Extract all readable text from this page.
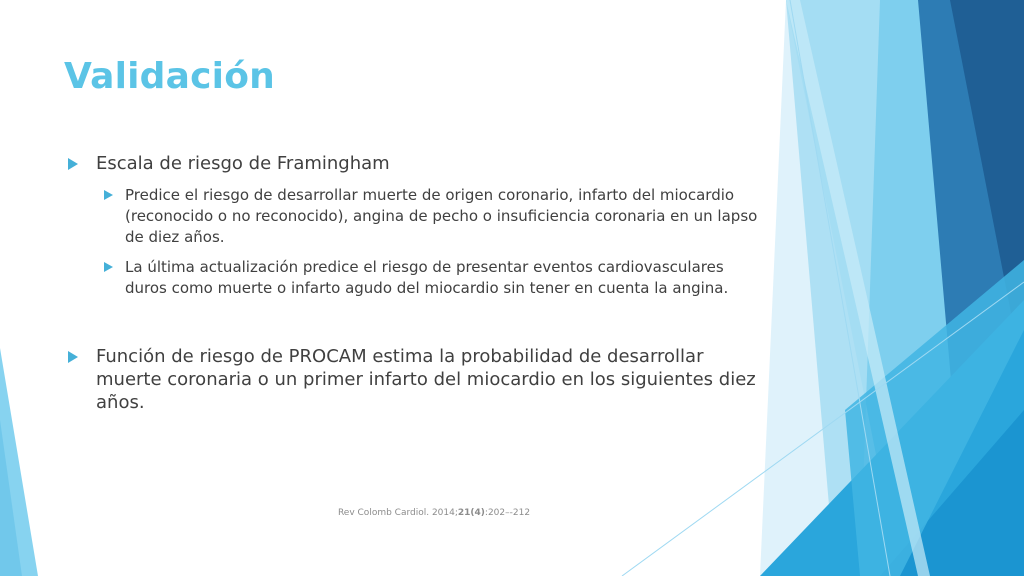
Validación
Escala de riesgo de Framingham
Predice el riesgo de desarrollar muerte de origen coronario, infarto del miocardio (reconocido o no reconocido), angina de pecho o insuficiencia coronaria en un lapso de diez años.
La última actualización predice el riesgo de presentar eventos cardiovasculares duros como muerte o infarto agudo del miocardio sin tener en cuenta la angina.
Función de riesgo de PROCAM estima la probabilidad de desarrollar muerte coronaria o un primer infarto del miocardio en los siguientes diez años.
Rev Colomb Cardiol. 2014;21(4):202–-212
